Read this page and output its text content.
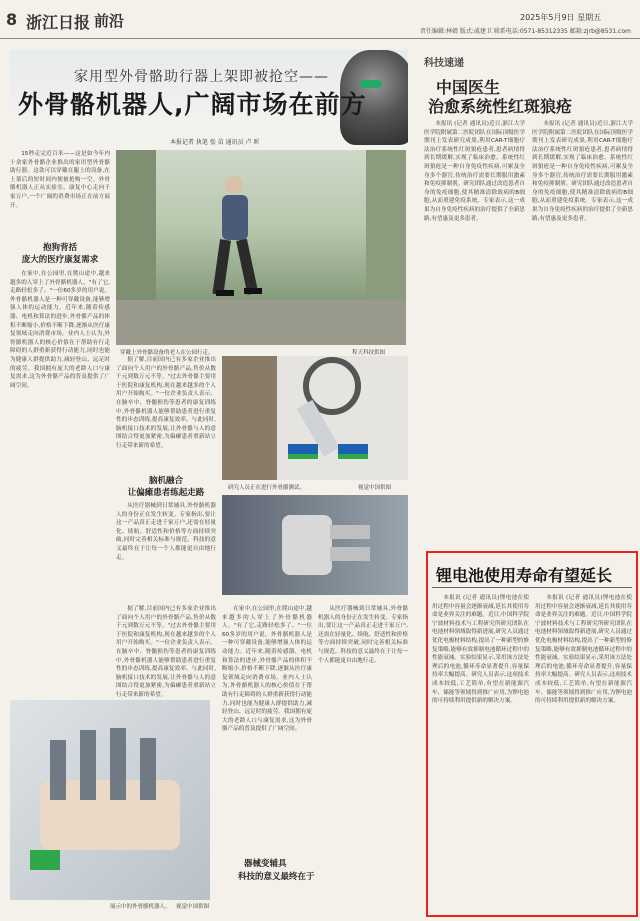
8 浙江日报 前沿	2025年5月9日 星期五
责任编辑:林婧 版式:戚建卫 联系电话:0571-85312335 邮箱:zjrb@8531.com
家用型外骨骼助行器上架即被抢空——
外骨骼机器人,广阔市场在前方
本报记者 执笔 张 苗 通讯员 卢 昕

15秒走完近百米——这是如今年内十余家外骨骼企业推出的家用型外骨骼助行器。这款可以穿戴在腿上的设备,在上架后的短时间内便被抢购一空。外骨骼机器人正从实验室、康复中心走向千家万户,一个广阔的消费市场正在前方展开。

抱狗背括
庞大的医疗康复需求

在家中,在公园里,在爬山途中,越来越多的人穿上了外骨骼机器人。"有了它,走路轻松多了。"一位60多岁的用户说。外骨骼机器人是一种可穿戴设备,能够增强人体的运动能力。近年来,随着传感器、电机和算法的进步,外骨骼产品的体积不断缩小,价格不断下降,逐渐从医疗康复领域走向消费市场。业内人士认为,外骨骼机器人的核心价值在于帮助有行走障碍的人群重新获得行动能力,同时也能为健康人群提供助力,减轻登山、远足时的疲劳。我国拥有庞大的老龄人口与康复需求,这为外骨骼产品的普及提供了广阔空间。

穿戴上外骨骼设备的老人在公园行走。	程天科技供图

据了解,目前国内已有多家企业推出了面向个人用户的外骨骼产品,售价从数千元到数万元不等。"过去外骨骼主要用于医院和康复机构,现在越来越多的个人用户开始购买。"一位企业负责人表示。在脑卒中、脊髓损伤等患者的康复训练中,外骨骼机器人能够帮助患者进行重复性的步态训练,提高康复效率。与此同时,脑机接口技术的发展,让外骨骼与人的意图结合得更加紧密,为偏瘫患者重新站立行走带来新的希望。

脑机融合
让偏瘫患者练起走路

从医疗器械到日常辅具,外骨骼机器人的身份正在发生转变。专家指出,要让这一产品真正走进千家万户,还需在轻量化、续航、舒适性和价格等方面持续突破,同时完善相关标准与规范。科技的意义最终在于让每一个人都能更自由地行走。

研究人员正在进行外骨骼测试。	视觉中国供图

据了解,目前国内已有多家企业推出了面向个人用户的外骨骼产品,售价从数千元到数万元不等。"过去外骨骼主要用于医院和康复机构,现在越来越多的个人用户开始购买。"一位企业负责人表示。在脑卒中、脊髓损伤等患者的康复训练中,外骨骼机器人能够帮助患者进行重复性的步态训练,提高康复效率。与此同时,脑机接口技术的发展,让外骨骼与人的意图结合得更加紧密,为偏瘫患者重新站立行走带来新的希望。

在家中,在公园里,在爬山途中,越来越多的人穿上了外骨骼机器人。"有了它,走路轻松多了。"一位60多岁的用户说。外骨骼机器人是一种可穿戴设备,能够增强人体的运动能力。近年来,随着传感器、电机和算法的进步,外骨骼产品的体积不断缩小,价格不断下降,逐渐从医疗康复领域走向消费市场。业内人士认为,外骨骼机器人的核心价值在于帮助有行走障碍的人群重新获得行动能力,同时也能为健康人群提供助力,减轻登山、远足时的疲劳。我国拥有庞大的老龄人口与康复需求,这为外骨骼产品的普及提供了广阔空间。

从医疗器械到日常辅具,外骨骼机器人的身份正在发生转变。专家指出,要让这一产品真正走进千家万户,还需在轻量化、续航、舒适性和价格等方面持续突破,同时完善相关标准与规范。科技的意义最终在于让每一个人都能更自由地行走。

器械变辅具
科技的意义最终在于
展示中的外骨骼机器人。 视觉中国供图
科技速递
中国医生
治愈系统性红斑狼疮

本报讯 (记者 通讯员)近日,浙江大学医学院附属第二医院团队在国际顶级医学期刊上发表研究成果,利用CAR-T细胞疗法治疗系统性红斑狼疮患者,患者病情得到长期缓解,实现了临床治愈。系统性红斑狼疮是一种自身免疫性疾病,可累及全身多个器官,传统治疗需要长期服用激素和免疫抑制剂。研究团队通过改造患者自身的免疫细胞,使其精准清除致病的B细胞,从而重建免疫系统。专家表示,这一成果为自身免疫性疾病的治疗提供了全新思路,有望惠及更多患者。

本报讯 (记者 通讯员)近日,浙江大学医学院附属第二医院团队在国际顶级医学期刊上发表研究成果,利用CAR-T细胞疗法治疗系统性红斑狼疮患者,患者病情得到长期缓解,实现了临床治愈。系统性红斑狼疮是一种自身免疫性疾病,可累及全身多个器官,传统治疗需要长期服用激素和免疫抑制剂。研究团队通过改造患者自身的免疫细胞,使其精准清除致病的B细胞,从而重建免疫系统。专家表示,这一成果为自身免疫性疾病的治疗提供了全新思路,有望惠及更多患者。

锂电池使用寿命有望延长

本报讯 (记者 通讯员)锂电池在使用过程中容量会逐渐衰减,延长其使用寿命是业界关注的难题。近日,中国科学院宁波材料技术与工程研究所研究团队在电池材料领域取得新进展,研究人员通过优化电极材料结构,提出了一种新型的修复策略,能够有效抑制电池循环过程中的性能衰减。实验结果显示,采用该方法处理后的电池,循环寿命显著提升,容量保持率大幅提高。研究人员表示,这项技术成本较低,工艺简单,有望在新能源汽车、储能等领域得到推广应用,为锂电池的可持续利用提供新的解决方案。

本报讯 (记者 通讯员)锂电池在使用过程中容量会逐渐衰减,延长其使用寿命是业界关注的难题。近日,中国科学院宁波材料技术与工程研究所研究团队在电池材料领域取得新进展,研究人员通过优化电极材料结构,提出了一种新型的修复策略,能够有效抑制电池循环过程中的性能衰减。实验结果显示,采用该方法处理后的电池,循环寿命显著提升,容量保持率大幅提高。研究人员表示,这项技术成本较低,工艺简单,有望在新能源汽车、储能等领域得到推广应用,为锂电池的可持续利用提供新的解决方案。
